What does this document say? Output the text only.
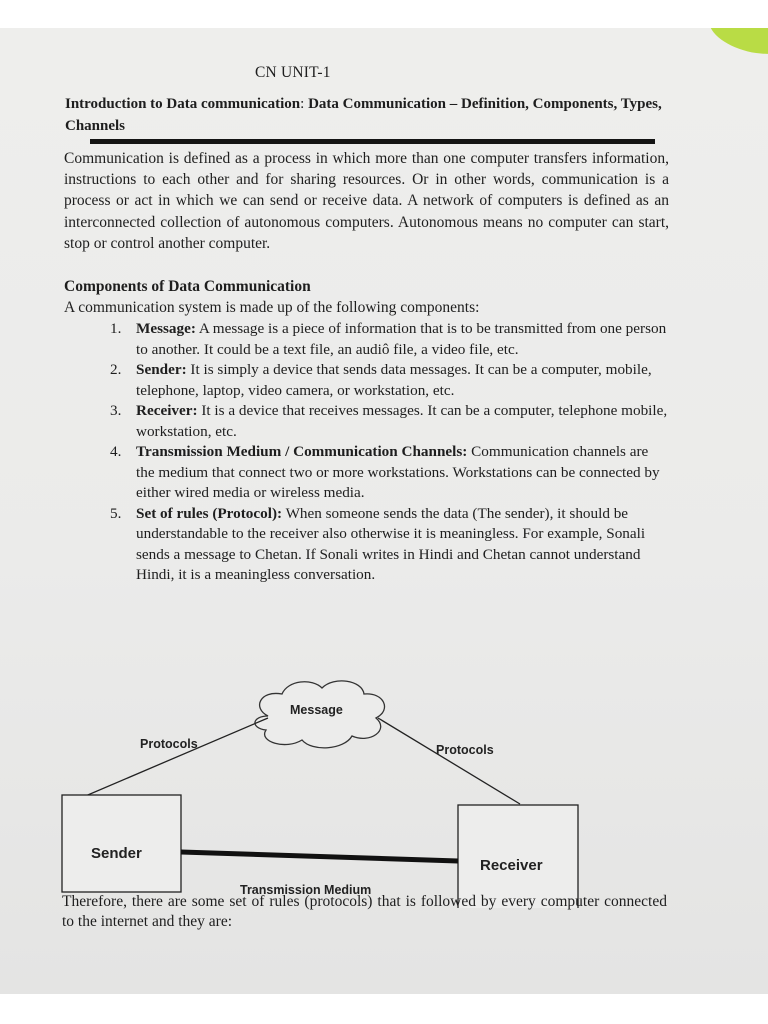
CN UNIT-1
Introduction to Data communication: Data Communication – Definition, Components, Types, Channels
Communication is defined as a process in which more than one computer transfers information, instructions to each other and for sharing resources. Or in other words, communication is a process or act in which we can send or receive data. A network of computers is defined as an interconnected collection of autonomous computers. Autonomous means no computer can start, stop or control another computer.
Components of Data Communication
A communication system is made up of the following components:
1. Message: A message is a piece of information that is to be transmitted from one person to another. It could be a text file, an audiô file, a video file, etc.
2. Sender: It is simply a device that sends data messages. It can be a computer, mobile, telephone, laptop, video camera, or workstation, etc.
3. Receiver: It is a device that receives messages. It can be a computer, telephone mobile, workstation, etc.
4. Transmission Medium / Communication Channels: Communication channels are the medium that connect two or more workstations. Workstations can be connected by either wired media or wireless media.
5. Set of rules (Protocol): When someone sends the data (The sender), it should be understandable to the receiver also otherwise it is meaningless. For example, Sonali sends a message to Chetan. If Sonali writes in Hindi and Chetan cannot understand Hindi, it is a meaningless conversation.
Message
Protocols	Protocols
Sender
Receiver
Transmission Medium
Therefore, there are some set of rules (protocols) that is followed by every computer connected to the internet and they are:
